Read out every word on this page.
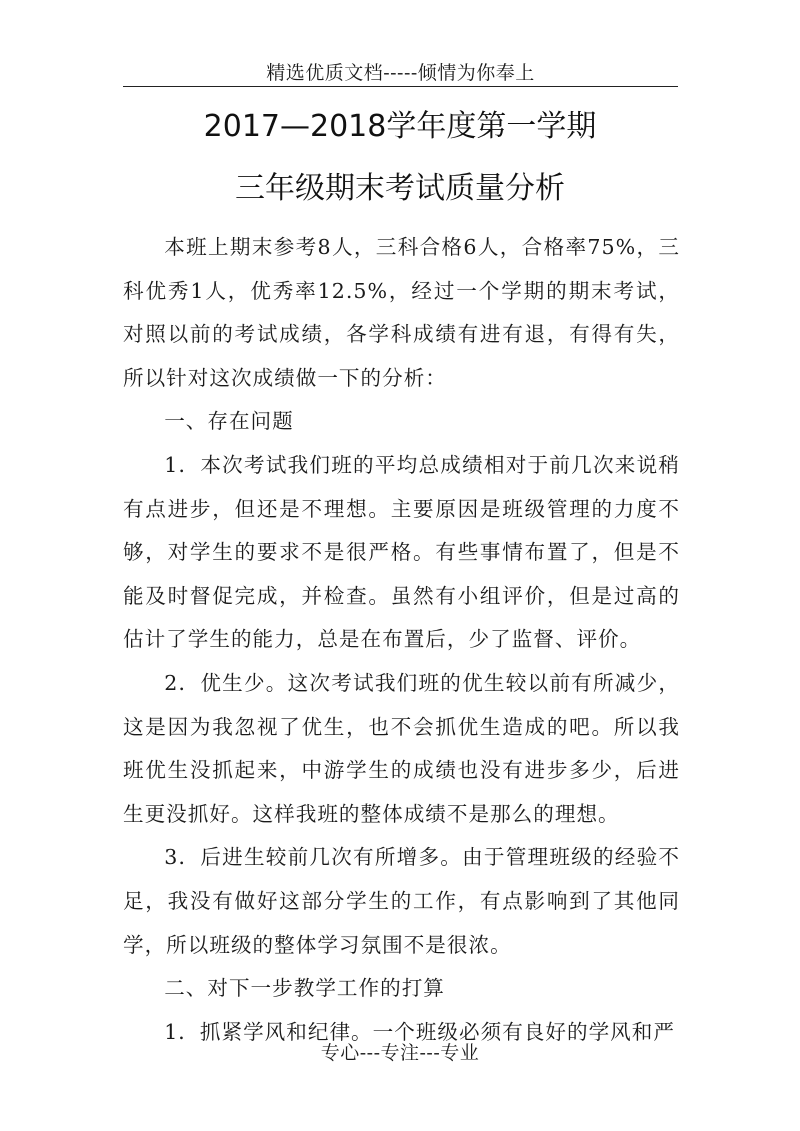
精选优质文档-----倾情为你奉上
2017—2018学年度第一学期
三年级期末考试质量分析

本班上期末参考8人，三科合格6人，合格率75%，三科优秀1人，优秀率12.5%，经过一个学期的期末考试，对照以前的考试成绩，各学科成绩有进有退，有得有失，所以针对这次成绩做一下的分析：

一、存在问题

1．本次考试我们班的平均总成绩相对于前几次来说稍有点进步，但还是不理想。主要原因是班级管理的力度不够，对学生的要求不是很严格。有些事情布置了，但是不能及时督促完成，并检查。虽然有小组评价，但是过高的估计了学生的能力，总是在布置后，少了监督、评价。

2．优生少。这次考试我们班的优生较以前有所减少，这是因为我忽视了优生，也不会抓优生造成的吧。所以我班优生没抓起来，中游学生的成绩也没有进步多少，后进生更没抓好。这样我班的整体成绩不是那么的理想。

3．后进生较前几次有所增多。由于管理班级的经验不足，我没有做好这部分学生的工作，有点影响到了其他同学，所以班级的整体学习氛围不是很浓。

二、对下一步教学工作的打算

1．抓紧学风和纪律。一个班级必须有良好的学风和严

专心---专注---专业
